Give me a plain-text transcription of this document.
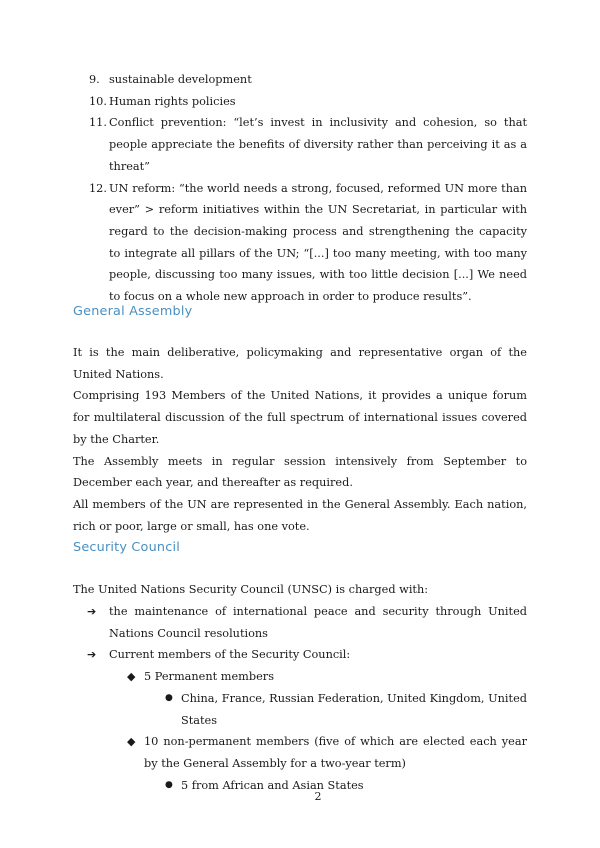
9. sustainable development
10. Human rights policies
11. Conflict prevention: “let’s invest in inclusivity and cohesion, so that people appreciate the benefits of diversity rather than perceiving it as a threat”
12. UN reform: “the world needs a strong, focused, reformed UN more than ever” > reform initiatives within the UN Secretariat, in particular with regard to the decision-making process and strengthening the capacity to integrate all pillars of the UN; “[...] too many meeting, with too many people, discussing too many issues, with too little decision [...] We need to focus on a whole new approach in order to produce results”.
General Assembly

It is the main deliberative, policymaking and representative organ of the United Nations.

Comprising 193 Members of the United Nations, it provides a unique forum for multilateral discussion of the full spectrum of international issues covered by the Charter.

The Assembly meets in regular session intensively from September to December each year, and thereafter as required.

All members of the UN are represented in the General Assembly. Each nation, rich or poor, large or small, has one vote.

Security Council

The United Nations Security Council (UNSC) is charged with:

➔ the maintenance of international peace and security through United Nations Council resolutions
➔ Current members of the Security Council:
◆ 5 Permanent members
● China, France, Russian Federation, United Kingdom, United States
◆ 10 non-permanent members (five of which are elected each year by the General Assembly for a two-year term)
● 5 from African and Asian States
2
